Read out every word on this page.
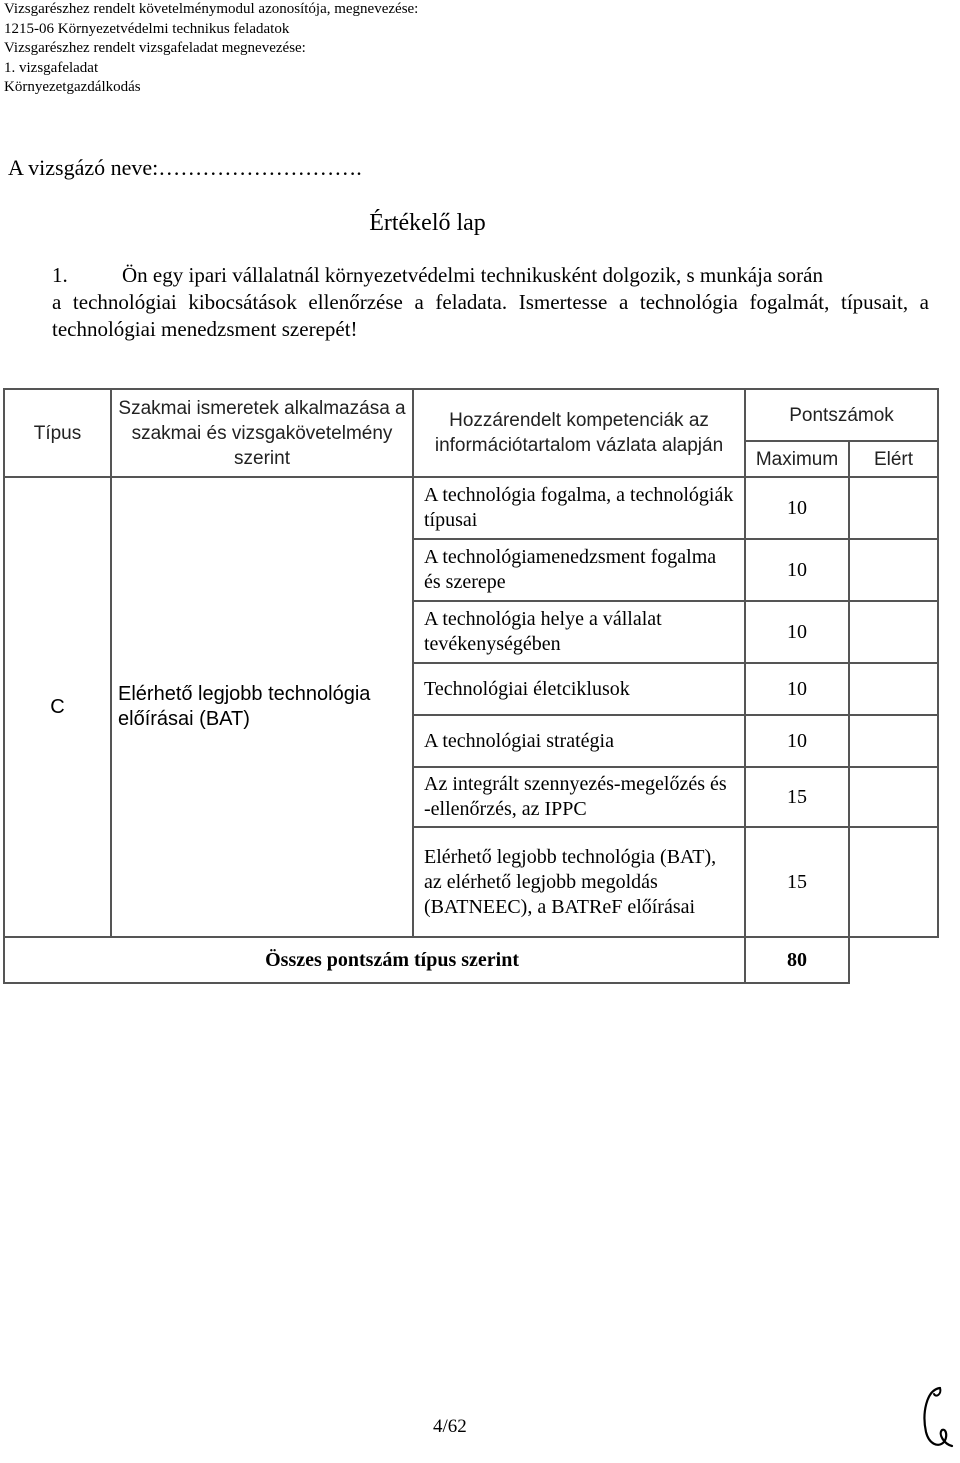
Vizsgarészhez rendelt követelménymodul azonosítója, megnevezése:
1215-06 Környezetvédelmi technikus feladatok
Vizsgarészhez rendelt vizsgafeladat megnevezése:
1. vizsgafeladat
Környezetgazdálkodás
A vizsgázó neve:……………………….
Értékelő lap
1.	Ön egy ipari vállalatnál környezetvédelmi technikusként dolgozik, s munkája során
a technológiai kibocsátások ellenőrzése a feladata. Ismertesse a technológia fogalmát, típusait, a technológiai menedzsment szerepét!
Típus	Szakmai ismeretek alkalmazása a szakmai és vizsgakövetelmény szerint	Hozzárendelt kompetenciák az információtartalom vázlata alapján	Pontszámok	
			Maximum	Elért
C	Elérhető legjobb technológia előírásai (BAT)	A technológia fogalma, a technológiák típusai	10	
		A technológiamenedzsment fogalma és szerepe	10	
		A technológia helye a vállalat tevékenységében	10	
		Technológiai életciklusok	10	
		A technológiai stratégia	10	
		Az integrált szennyezés-megelőzés és -ellenőrzés, az IPPC	15	
		Elérhető legjobb technológia (BAT), az elérhető legjobb megoldás (BATNEEC), a BATReF előírásai	15	
Összes pontszám típus szerint			80	
4/62
